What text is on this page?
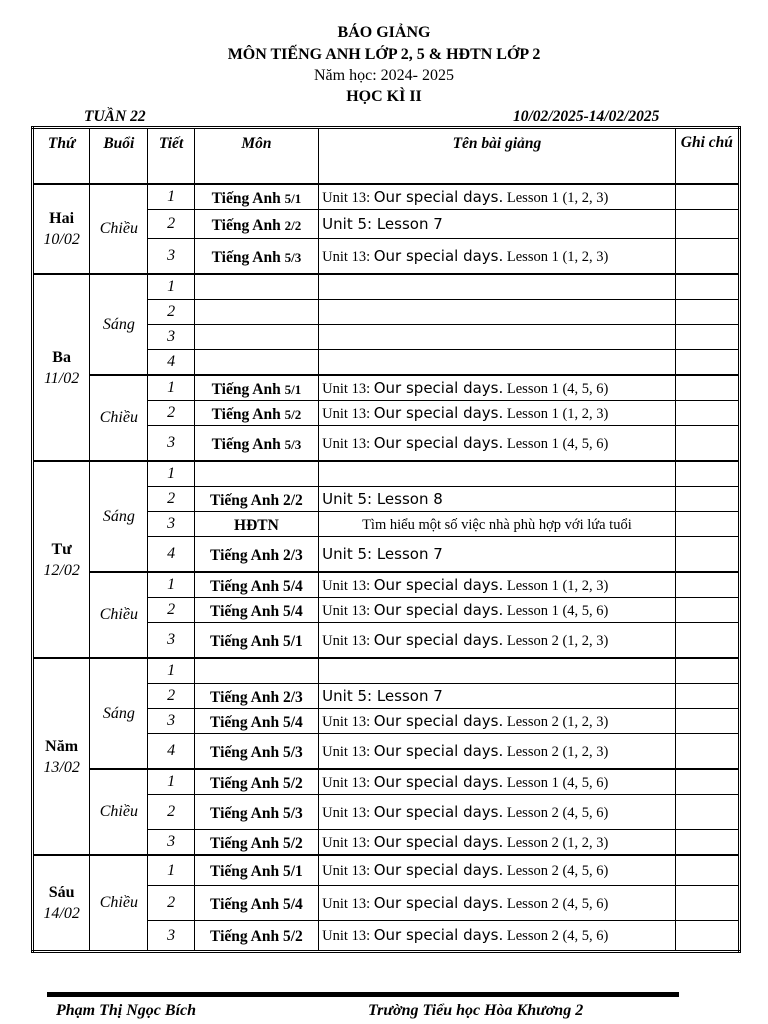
BÁO GIẢNG
MÔN TIẾNG ANH LỚP 2, 5 & HĐTN LỚP 2
Năm học: 2024- 2025
HỌC KÌ II
TUẦN 22	10/02/2025-14/02/2025
Thứ	Buổi	Tiết	Môn	Tên bài giảng	Ghi chú

Hai
10/02	Chiều	1	Tiếng Anh 5/1	Unit 13: Our special days. Lesson 1 (1, 2, 3)	
		2	Tiếng Anh 2/2	Unit 5: Lesson 7	
		3	Tiếng Anh 5/3	Unit 13: Our special days. Lesson 1 (1, 2, 3)	

Ba
11/02	Sáng	1			
		2			
		3			
		4			
	Chiều	1	Tiếng Anh 5/1	Unit 13: Our special days. Lesson 1 (4, 5, 6)	
		2	Tiếng Anh 5/2	Unit 13: Our special days. Lesson 1 (1, 2, 3)	
		3	Tiếng Anh 5/3	Unit 13: Our special days. Lesson 1 (4, 5, 6)	

Tư
12/02	Sáng	1			
		2	Tiếng Anh 2/2	Unit 5: Lesson 8	
		3	HĐTN	Tìm hiểu một số việc nhà phù hợp với lứa tuổi	
		4	Tiếng Anh 2/3	Unit 5: Lesson 7	
	Chiều	1	Tiếng Anh 5/4	Unit 13: Our special days. Lesson 1 (1, 2, 3)	
		2	Tiếng Anh 5/4	Unit 13: Our special days. Lesson 1 (4, 5, 6)	
		3	Tiếng Anh 5/1	Unit 13: Our special days. Lesson 2 (1, 2, 3)	

Năm
13/02	Sáng	1			
		2	Tiếng Anh 2/3	Unit 5: Lesson 7	
		3	Tiếng Anh 5/4	Unit 13: Our special days. Lesson 2 (1, 2, 3)	
		4	Tiếng Anh 5/3	Unit 13: Our special days. Lesson 2 (1, 2, 3)	
	Chiều	1	Tiếng Anh 5/2	Unit 13: Our special days. Lesson 1 (4, 5, 6)	
		2	Tiếng Anh 5/3	Unit 13: Our special days. Lesson 2 (4, 5, 6)	
		3	Tiếng Anh 5/2	Unit 13: Our special days. Lesson 2 (1, 2, 3)	

Sáu
14/02	Chiều	1	Tiếng Anh 5/1	Unit 13: Our special days. Lesson 2 (4, 5, 6)	
		2	Tiếng Anh 5/4	Unit 13: Our special days. Lesson 2 (4, 5, 6)	
		3	Tiếng Anh 5/2	Unit 13: Our special days. Lesson 2 (4, 5, 6)	
Phạm Thị Ngọc Bích	Trường Tiểu học Hòa Khương 2
